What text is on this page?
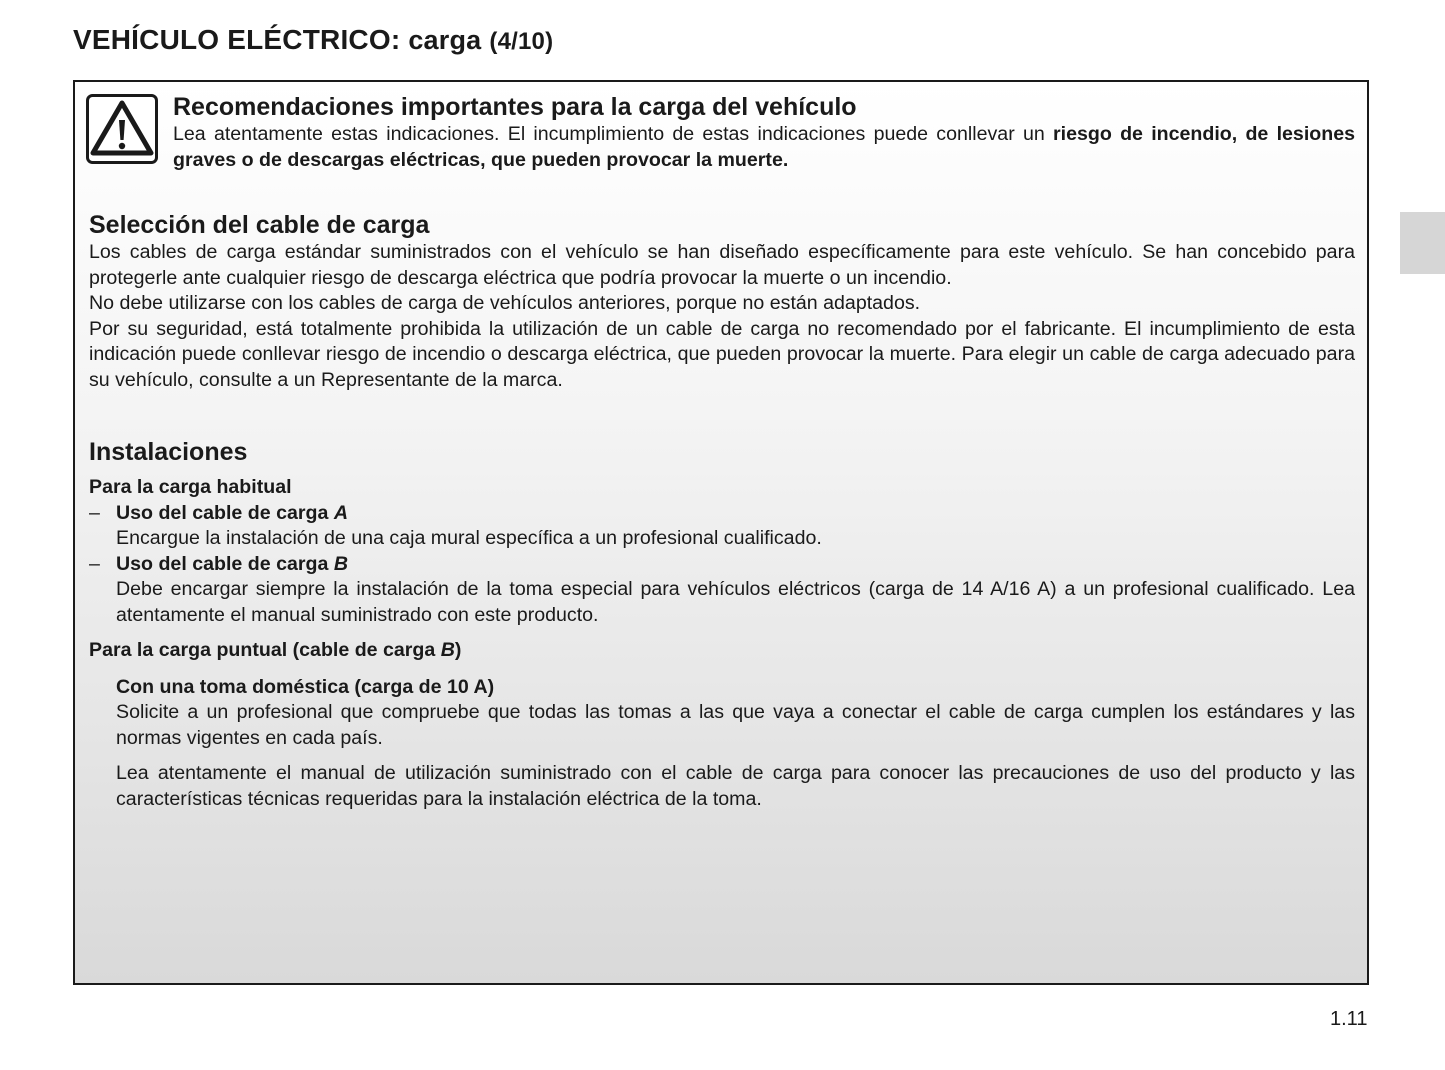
VEHÍCULO ELÉCTRICO: carga (4/10)
Recomendaciones importantes para la carga del vehículo

Lea atentamente estas indicaciones. El incumplimiento de estas indicaciones puede conllevar un riesgo de incendio, de lesiones graves o de descargas eléctricas, que pueden provocar la muerte.

Selección del cable de carga

Los cables de carga estándar suministrados con el vehículo se han diseñado específicamente para este vehículo. Se han concebido para protegerle ante cualquier riesgo de descarga eléctrica que podría provocar la muerte o un incendio.

No debe utilizarse con los cables de carga de vehículos anteriores, porque no están adaptados.

Por su seguridad, está totalmente prohibida la utilización de un cable de carga no recomendado por el fabricante. El incumplimiento de esta indicación puede conllevar riesgo de incendio o descarga eléctrica, que pueden provocar la muerte. Para elegir un cable de carga adecuado para su vehículo, consulte a un Representante de la marca.

Instalaciones
Para la carga habitual
– Uso del cable de carga A

Encargue la instalación de una caja mural específica a un profesional cualificado.

– Uso del cable de carga B

Debe encargar siempre la instalación de la toma especial para vehículos eléctricos (carga de 14 A/16 A) a un profesional cualificado. Lea atentamente el manual suministrado con este producto.

Para la carga puntual (cable de carga B)
Con una toma doméstica (carga de 10 A)

Solicite a un profesional que compruebe que todas las tomas a las que vaya a conectar el cable de carga cumplen los estándares y las normas vigentes en cada país.

Lea atentamente el manual de utilización suministrado con el cable de carga para conocer las precauciones de uso del producto y las características técnicas requeridas para la instalación eléctrica de la toma.

1.11
